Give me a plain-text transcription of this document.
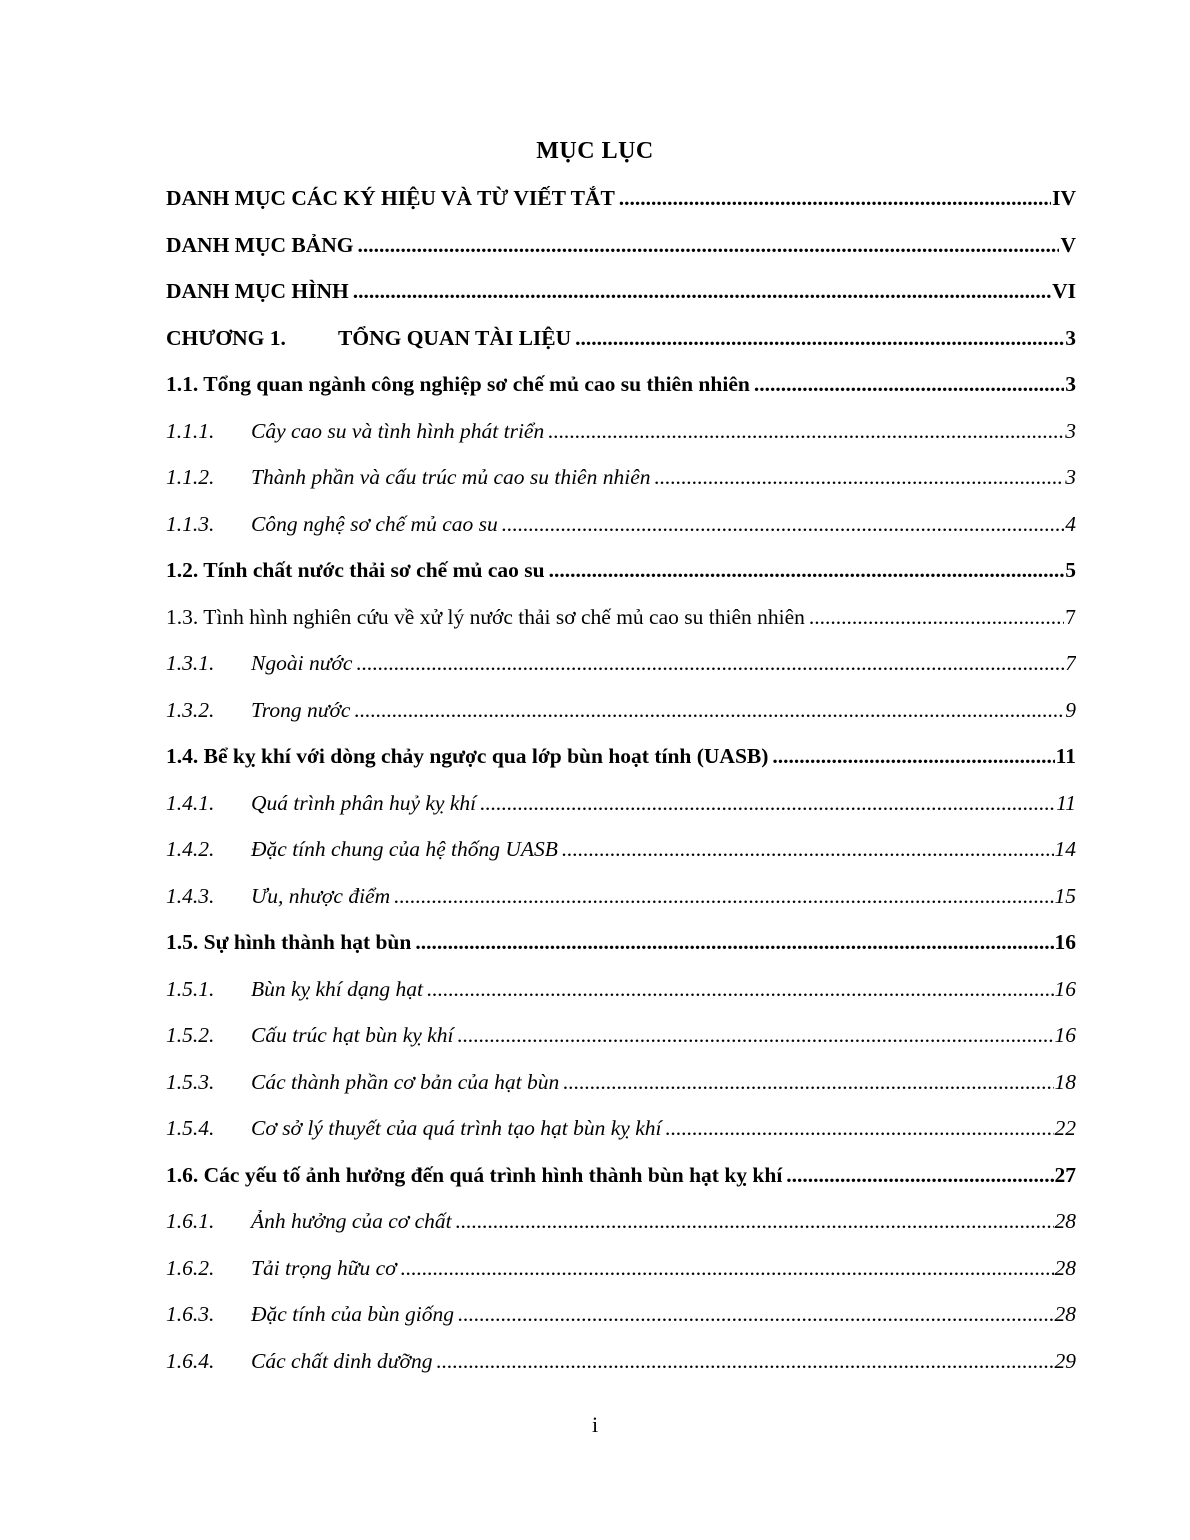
MỤC LỤC
DANH MỤC CÁC KÝ HIỆU VÀ TỪ VIẾT TẮT .....	IV
DANH MỤC BẢNG .....	V
DANH MỤC HÌNH .....	VI
CHƯƠNG 1.	TỔNG QUAN TÀI LIỆU .....	3
1.1. Tổng quan ngành công nghiệp sơ chế mủ cao su thiên nhiên .....	3
1.1.1.	Cây cao su và tình hình phát triển .....	3
1.1.2.	Thành phần và cấu trúc mủ cao su thiên nhiên .....	3
1.1.3.	Công nghệ sơ chế mủ cao su .....	4
1.2. Tính chất nước thải sơ chế mủ cao su .....	5
1.3. Tình hình nghiên cứu về xử lý nước thải sơ chế mủ cao su thiên nhiên .....	7
1.3.1.	Ngoài nước .....	7
1.3.2.	Trong nước .....	9
1.4. Bể kỵ khí với dòng chảy ngược qua lớp bùn hoạt tính (UASB) .....	11
1.4.1.	Quá trình phân huỷ kỵ khí .....	11
1.4.2.	Đặc tính chung của hệ thống UASB .....	14
1.4.3.	Ưu, nhược điểm .....	15
1.5. Sự hình thành hạt bùn .....	16
1.5.1.	Bùn kỵ khí dạng hạt .....	16
1.5.2.	Cấu trúc hạt bùn kỵ khí .....	16
1.5.3.	Các thành phần cơ bản của hạt bùn .....	18
1.5.4.	Cơ sở lý thuyết của quá trình tạo hạt bùn kỵ khí .....	22
1.6. Các yếu tố ảnh hưởng đến quá trình hình thành bùn hạt kỵ khí .....	27
1.6.1.	Ảnh hưởng của cơ chất .....	28
1.6.2.	Tải trọng hữu cơ .....	28
1.6.3.	Đặc tính của bùn giống .....	28
1.6.4.	Các chất dinh dưỡng .....	29
i
